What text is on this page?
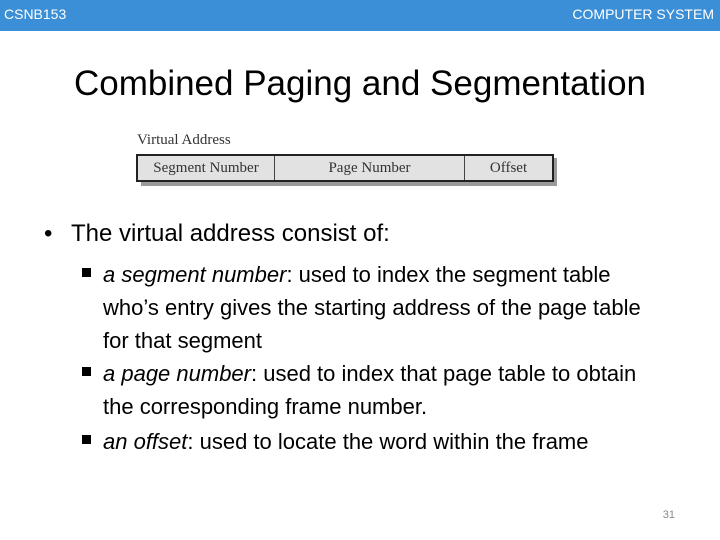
CSNB153	COMPUTER SYSTEM
Combined Paging and Segmentation
Virtual Address
Segment Number	Page Number	Offset
• The virtual address consist of:
a segment number: used to index the segment table who’s entry gives the starting address of the page table for that segment
a page number: used to index that page table to obtain the corresponding frame number.
an offset: used to locate the word within the frame
31
